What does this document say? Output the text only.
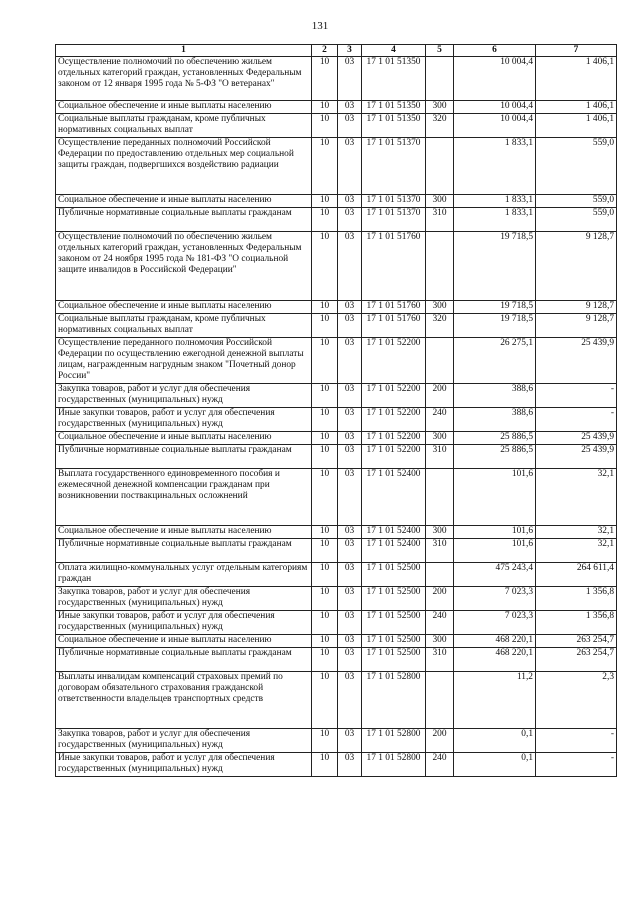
131
1	2	3	4	5	6	7
Осуществление полномочий по обеспечению жильем отдельных категорий граждан, установленных Федеральным законом от 12 января 1995 года № 5-ФЗ "О ветеранах"	10	03	17 1 01 51350		10 004,4	1 406,1
Социальное обеспечение и иные выплаты населению	10	03	17 1 01 51350	300	10 004,4	1 406,1
Социальные выплаты гражданам, кроме публичных нормативных социальных выплат	10	03	17 1 01 51350	320	10 004,4	1 406,1
Осуществление переданных полномочий Российской Федерации по предоставлению отдельных мер социальной защиты граждан, подвергшихся воздействию радиации	10	03	17 1 01 51370		1 833,1	559,0
Социальное обеспечение и иные выплаты населению	10	03	17 1 01 51370	300	1 833,1	559,0
Публичные нормативные социальные выплаты гражданам	10	03	17 1 01 51370	310	1 833,1	559,0
Осуществление полномочий по обеспечению жильем отдельных категорий граждан, установленных Федеральным законом от 24 ноября 1995 года № 181-ФЗ "О социальной защите инвалидов в Российской Федерации"	10	03	17 1 01 51760		19 718,5	9 128,7
Социальное обеспечение и иные выплаты населению	10	03	17 1 01 51760	300	19 718,5	9 128,7
Социальные выплаты гражданам, кроме публичных нормативных социальных выплат	10	03	17 1 01 51760	320	19 718,5	9 128,7
Осуществление переданного полномочия Российской Федерации по осуществлению ежегодной денежной выплаты лицам, награжденным нагрудным знаком "Почетный донор России"	10	03	17 1 01 52200		26 275,1	25 439,9
Закупка товаров, работ и услуг для обеспечения государственных (муниципальных) нужд	10	03	17 1 01 52200	200	388,6	-
Иные закупки товаров, работ и услуг для обеспечения государственных (муниципальных) нужд	10	03	17 1 01 52200	240	388,6	-
Социальное обеспечение и иные выплаты населению	10	03	17 1 01 52200	300	25 886,5	25 439,9
Публичные нормативные социальные выплаты гражданам	10	03	17 1 01 52200	310	25 886,5	25 439,9
Выплата государственного единовременного пособия и ежемесячной денежной компенсации гражданам при возникновении поствакцинальных осложнений	10	03	17 1 01 52400		101,6	32,1
Социальное обеспечение и иные выплаты населению	10	03	17 1 01 52400	300	101,6	32,1
Публичные нормативные социальные выплаты гражданам	10	03	17 1 01 52400	310	101,6	32,1
Оплата жилищно-коммунальных услуг отдельным категориям граждан	10	03	17 1 01 52500		475 243,4	264 611,4
Закупка товаров, работ и услуг для обеспечения государственных (муниципальных) нужд	10	03	17 1 01 52500	200	7 023,3	1 356,8
Иные закупки товаров, работ и услуг для обеспечения государственных (муниципальных) нужд	10	03	17 1 01 52500	240	7 023,3	1 356,8
Социальное обеспечение и иные выплаты населению	10	03	17 1 01 52500	300	468 220,1	263 254,7
Публичные нормативные социальные выплаты гражданам	10	03	17 1 01 52500	310	468 220,1	263 254,7
Выплаты инвалидам компенсаций страховых премий по договорам обязательного страхования гражданской ответственности владельцев транспортных средств	10	03	17 1 01 52800		11,2	2,3
Закупка товаров, работ и услуг для обеспечения государственных (муниципальных) нужд	10	03	17 1 01 52800	200	0,1	-
Иные закупки товаров, работ и услуг для обеспечения государственных (муниципальных) нужд	10	03	17 1 01 52800	240	0,1	-
